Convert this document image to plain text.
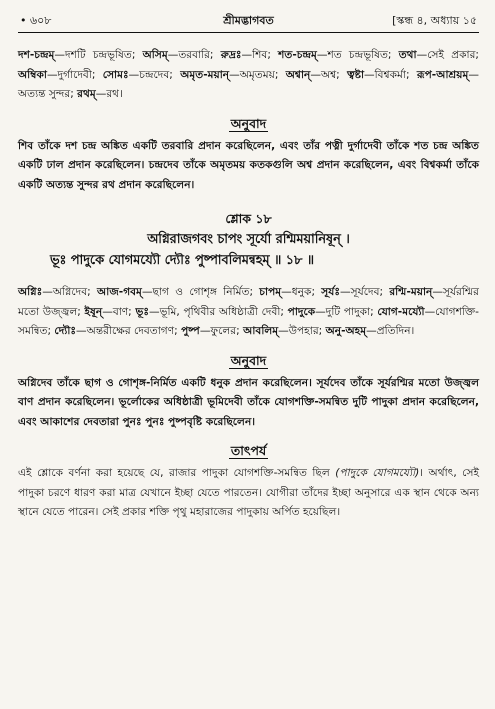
• ৬০৮	শ্রীমদ্ভাগবত	[স্কন্ধ ৪, অধ্যায় ১৫
দশ-চন্দ্রম্—দশটি চন্দ্রভূষিত; অসিম্—তরবারি; রুদ্রঃ—শিব; শত-চন্দ্রম্—শত চন্দ্রভূষিত; তথা—সেই প্রকার; অম্বিকা—দুর্গাদেবী; সোমঃ—চন্দ্রদেব; অমৃত-ময়ান্—অমৃতময়; অশ্বান্—অশ্ব; ত্বষ্টা—বিশ্বকর্মা; রূপ-আশ্রয়ম্—অত্যন্ত সুন্দর; রথম্—রথ।
অনুবাদ
শিব তাঁকে দশ চন্দ্র অঙ্কিত একটি তরবারি প্রদান করেছিলেন, এবং তাঁর পত্নী দুর্গাদেবী তাঁকে শত চন্দ্র অঙ্কিত একটি ঢাল প্রদান করেছিলেন। চন্দ্রদেব তাঁকে অমৃতময় কতকগুলি অশ্ব প্রদান করেছিলেন, এবং বিশ্বকর্মা তাঁকে একটি অত্যন্ত সুন্দর রথ প্রদান করেছিলেন।
শ্লোক ১৮
অগ্নিরাজগবং চাপং সূর্যো রশ্মিময়ানিষূন্ ।
ভূঃ পাদুকে যোগময্যৌ দ্যৌঃ পুষ্পাবলিমন্বহম্ ॥ ১৮ ॥
অগ্নিঃ—অগ্নিদেব; আজ-গবম্—ছাগ ও গোশৃঙ্গ নির্মিত; চাপম্—ধনুক; সূর্যঃ—সূর্যদেব; রশ্মি-ময়ান্—সূর্যরশ্মির মতো উজ্জ্বল; ইষূন্—বাণ; ভূঃ—ভূমি, পৃথিবীর অধিষ্ঠাত্রী দেবী; পাদুকে—দুটি পাদুকা; যোগ-ময্যৌ—যোগশক্তি-সমন্বিত; দ্যৌঃ—অন্তরীক্ষের দেবতাগণ; পুষ্প—ফুলের; আবলিম্—উপহার; অনু-অহম্—প্রতিদিন।
অনুবাদ
অগ্নিদেব তাঁকে ছাগ ও গোশৃঙ্গ-নির্মিত একটি ধনুক প্রদান করেছিলেন। সূর্যদেব তাঁকে সূর্যরশ্মির মতো উজ্জ্বল বাণ প্রদান করেছিলেন। ভূর্লোকের অধিষ্ঠাত্রী ভূমিদেবী তাঁকে যোগশক্তি-সমন্বিত দুটি পাদুকা প্রদান করেছিলেন, এবং আকাশের দেবতারা পুনঃ পুনঃ পুষ্পবৃষ্টি করেছিলেন।
তাৎপর্য
এই শ্লোকে বর্ণনা করা হয়েছে যে, রাজার পাদুকা যোগশক্তি-সমন্বিত ছিল (পাদুকে যোগময্যৌ)। অর্থাৎ, সেই পাদুকা চরণে ধারণ করা মাত্র যেখানে ইচ্ছা যেতে পারতেন। যোগীরা তাঁদের ইচ্ছা অনুসারে এক স্থান থেকে অন্য স্থানে যেতে পারেন। সেই প্রকার শক্তি পৃথু মহারাজের পাদুকায় অর্পিত হয়েছিল।
